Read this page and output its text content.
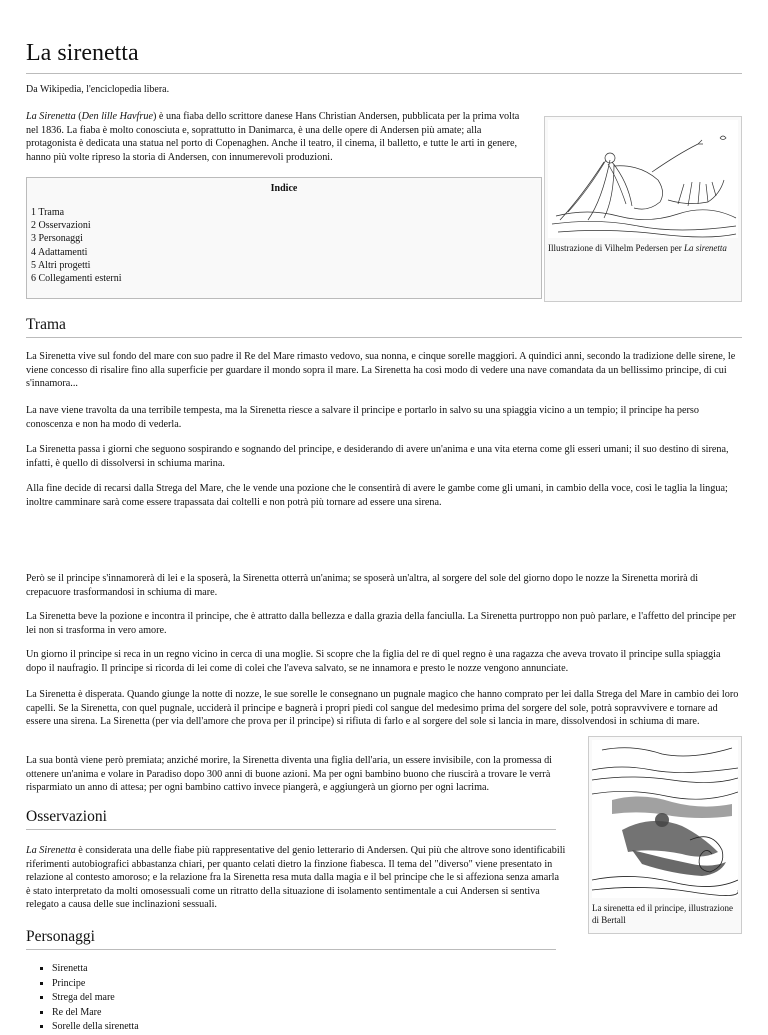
La sirenetta
Da Wikipedia, l'enciclopedia libera.

La Sirenetta (Den lille Havfrue) è una fiaba dello scrittore danese Hans Christian Andersen, pubblicata per la prima volta nel 1836. La fiaba è molto conosciuta e, soprattutto in Danimarca, è una delle opere di Andersen più amate; alla protagonista è dedicata una statua nel porto di Copenaghen. Anche il teatro, il cinema, il balletto, e tutte le arti in genere, hanno più volte ripreso la storia di Andersen, con innumerevoli produzioni.

Illustrazione di Vilhelm Pedersen per La sirenetta
Indice
1 Trama
2 Osservazioni
3 Personaggi
4 Adattamenti
5 Altri progetti
6 Collegamenti esterni
Trama

La Sirenetta vive sul fondo del mare con suo padre il Re del Mare rimasto vedovo, sua nonna, e cinque sorelle maggiori. A quindici anni, secondo la tradizione delle sirene, le viene concesso di risalire fino alla superficie per guardare il mondo sopra il mare. La Sirenetta ha così modo di vedere una nave comandata da un bellissimo principe, di cui s'innamora...

La nave viene travolta da una terribile tempesta, ma la Sirenetta riesce a salvare il principe e portarlo in salvo su una spiaggia vicino a un tempio; il principe ha perso conoscenza e non ha modo di vederla.

La Sirenetta passa i giorni che seguono sospirando e sognando del principe, e desiderando di avere un'anima e una vita eterna come gli esseri umani; il suo destino di sirena, infatti, è quello di dissolversi in schiuma marina.

Alla fine decide di recarsi dalla Strega del Mare, che le vende una pozione che le consentirà di avere le gambe come gli umani, in cambio della voce, così le taglia la lingua; inoltre camminare sarà come essere trapassata dai coltelli e non potrà più tornare ad essere una sirena.

Però se il principe s'innamorerà di lei e la sposerà, la Sirenetta otterrà un'anima; se sposerà un'altra, al sorgere del sole del giorno dopo le nozze la Sirenetta morirà di crepacuore trasformandosi in schiuma di mare.

La Sirenetta beve la pozione e incontra il principe, che è attratto dalla bellezza e dalla grazia della fanciulla. La Sirenetta purtroppo non può parlare, e l'affetto del principe per lei non si trasforma in vero amore.

Un giorno il principe si reca in un regno vicino in cerca di una moglie. Si scopre che la figlia del re di quel regno è una ragazza che aveva trovato il principe sulla spiaggia dopo il naufragio. Il principe si ricorda di lei come di colei che l'aveva salvato, se ne innamora e presto le nozze vengono annunciate.

La Sirenetta è disperata. Quando giunge la notte di nozze, le sue sorelle le consegnano un pugnale magico che hanno comprato per lei dalla Strega del Mare in cambio dei loro capelli. Se la Sirenetta, con quel pugnale, ucciderà il principe e bagnerà i propri piedi col sangue del medesimo prima del sorgere del sole, potrà sopravvivere e tornare ad essere una sirena. La Sirenetta (per via dell'amore che prova per il principe) si rifiuta di farlo e al sorgere del sole si lancia in mare, dissolvendosi in schiuma di mare.

La sua bontà viene però premiata; anziché morire, la Sirenetta diventa una figlia dell'aria, un essere invisibile, con la promessa di ottenere un'anima e volare in Paradiso dopo 300 anni di buone azioni. Ma per ogni bambino buono che riuscirà a trovare le verrà risparmiato un anno di attesa; per ogni bambino cattivo invece piangerà, e aggiungerà un giorno per ogni lacrima.

La sirenetta ed il principe, illustrazione di Bertall
Osservazioni

La Sirenetta è considerata una delle fiabe più rappresentative del genio letterario di Andersen. Qui più che altrove sono identificabili riferimenti autobiografici abbastanza chiari, per quanto celati dietro la finzione fiabesca. Il tema del "diverso" viene presentato in relazione al contesto amoroso; e la relazione fra la Sirenetta resa muta dalla magia e il bel principe che le si affeziona senza amarla è stato interpretato da molti omosessuali come un ritratto della situazione di isolamento sentimentale a cui Andersen si sentiva relegato a causa delle sue inclinazioni sessuali.

Personaggi
▪ Sirenetta
▪ Principe
▪ Strega del mare
▪ Re del Mare
▪ Sorelle della sirenetta
